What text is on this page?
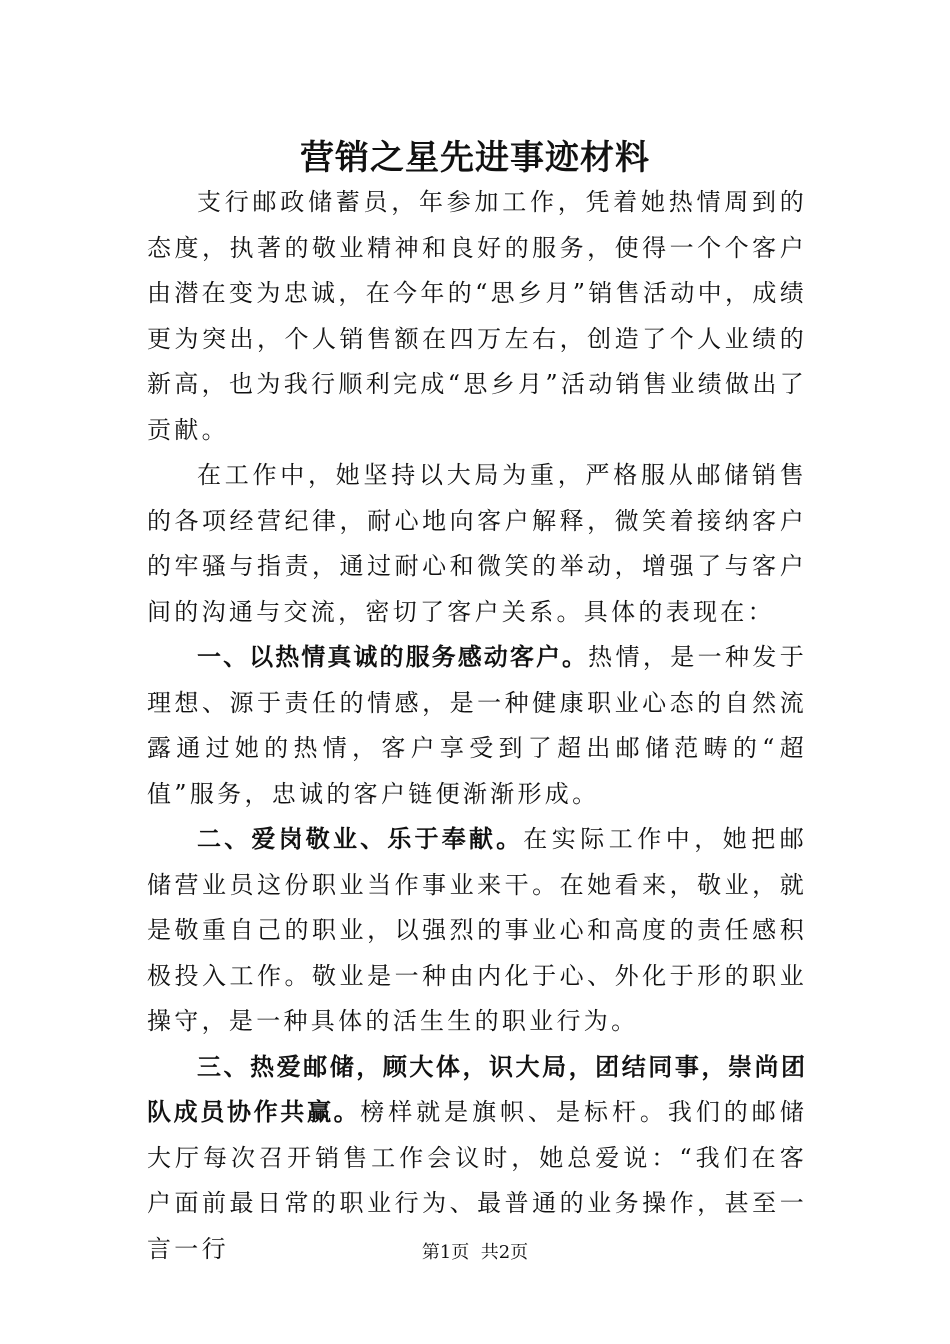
营销之星先进事迹材料

支行邮政储蓄员，年参加工作，凭着她热情周到的态度，执著的敬业精神和良好的服务，使得一个个客户由潜在变为忠诚，在今年的“思乡月”销售活动中，成绩更为突出，个人销售额在四万左右，创造了个人业绩的新高，也为我行顺利完成“思乡月”活动销售业绩做出了贡献。

在工作中，她坚持以大局为重，严格服从邮储销售的各项经营纪律，耐心地向客户解释，微笑着接纳客户的牢骚与指责，通过耐心和微笑的举动，增强了与客户间的沟通与交流，密切了客户关系。具体的表现在：

一、以热情真诚的服务感动客户。热情，是一种发于理想、源于责任的情感，是一种健康职业心态的自然流露通过她的热情，客户享受到了超出邮储范畴的“超值”服务，忠诚的客户链便渐渐形成。

二、爱岗敬业、乐于奉献。在实际工作中，她把邮储营业员这份职业当作事业来干。在她看来，敬业，就是敬重自己的职业，以强烈的事业心和高度的责任感积极投入工作。敬业是一种由内化于心、外化于形的职业操守，是一种具体的活生生的职业行为。

三、热爱邮储，顾大体，识大局，团结同事，崇尚团队成员协作共赢。榜样就是旗帜、是标杆。我们的邮储大厅每次召开销售工作会议时，她总爱说：“我们在客户面前最日常的职业行为、最普通的业务操作，甚至一言一行	第1页 共2页
